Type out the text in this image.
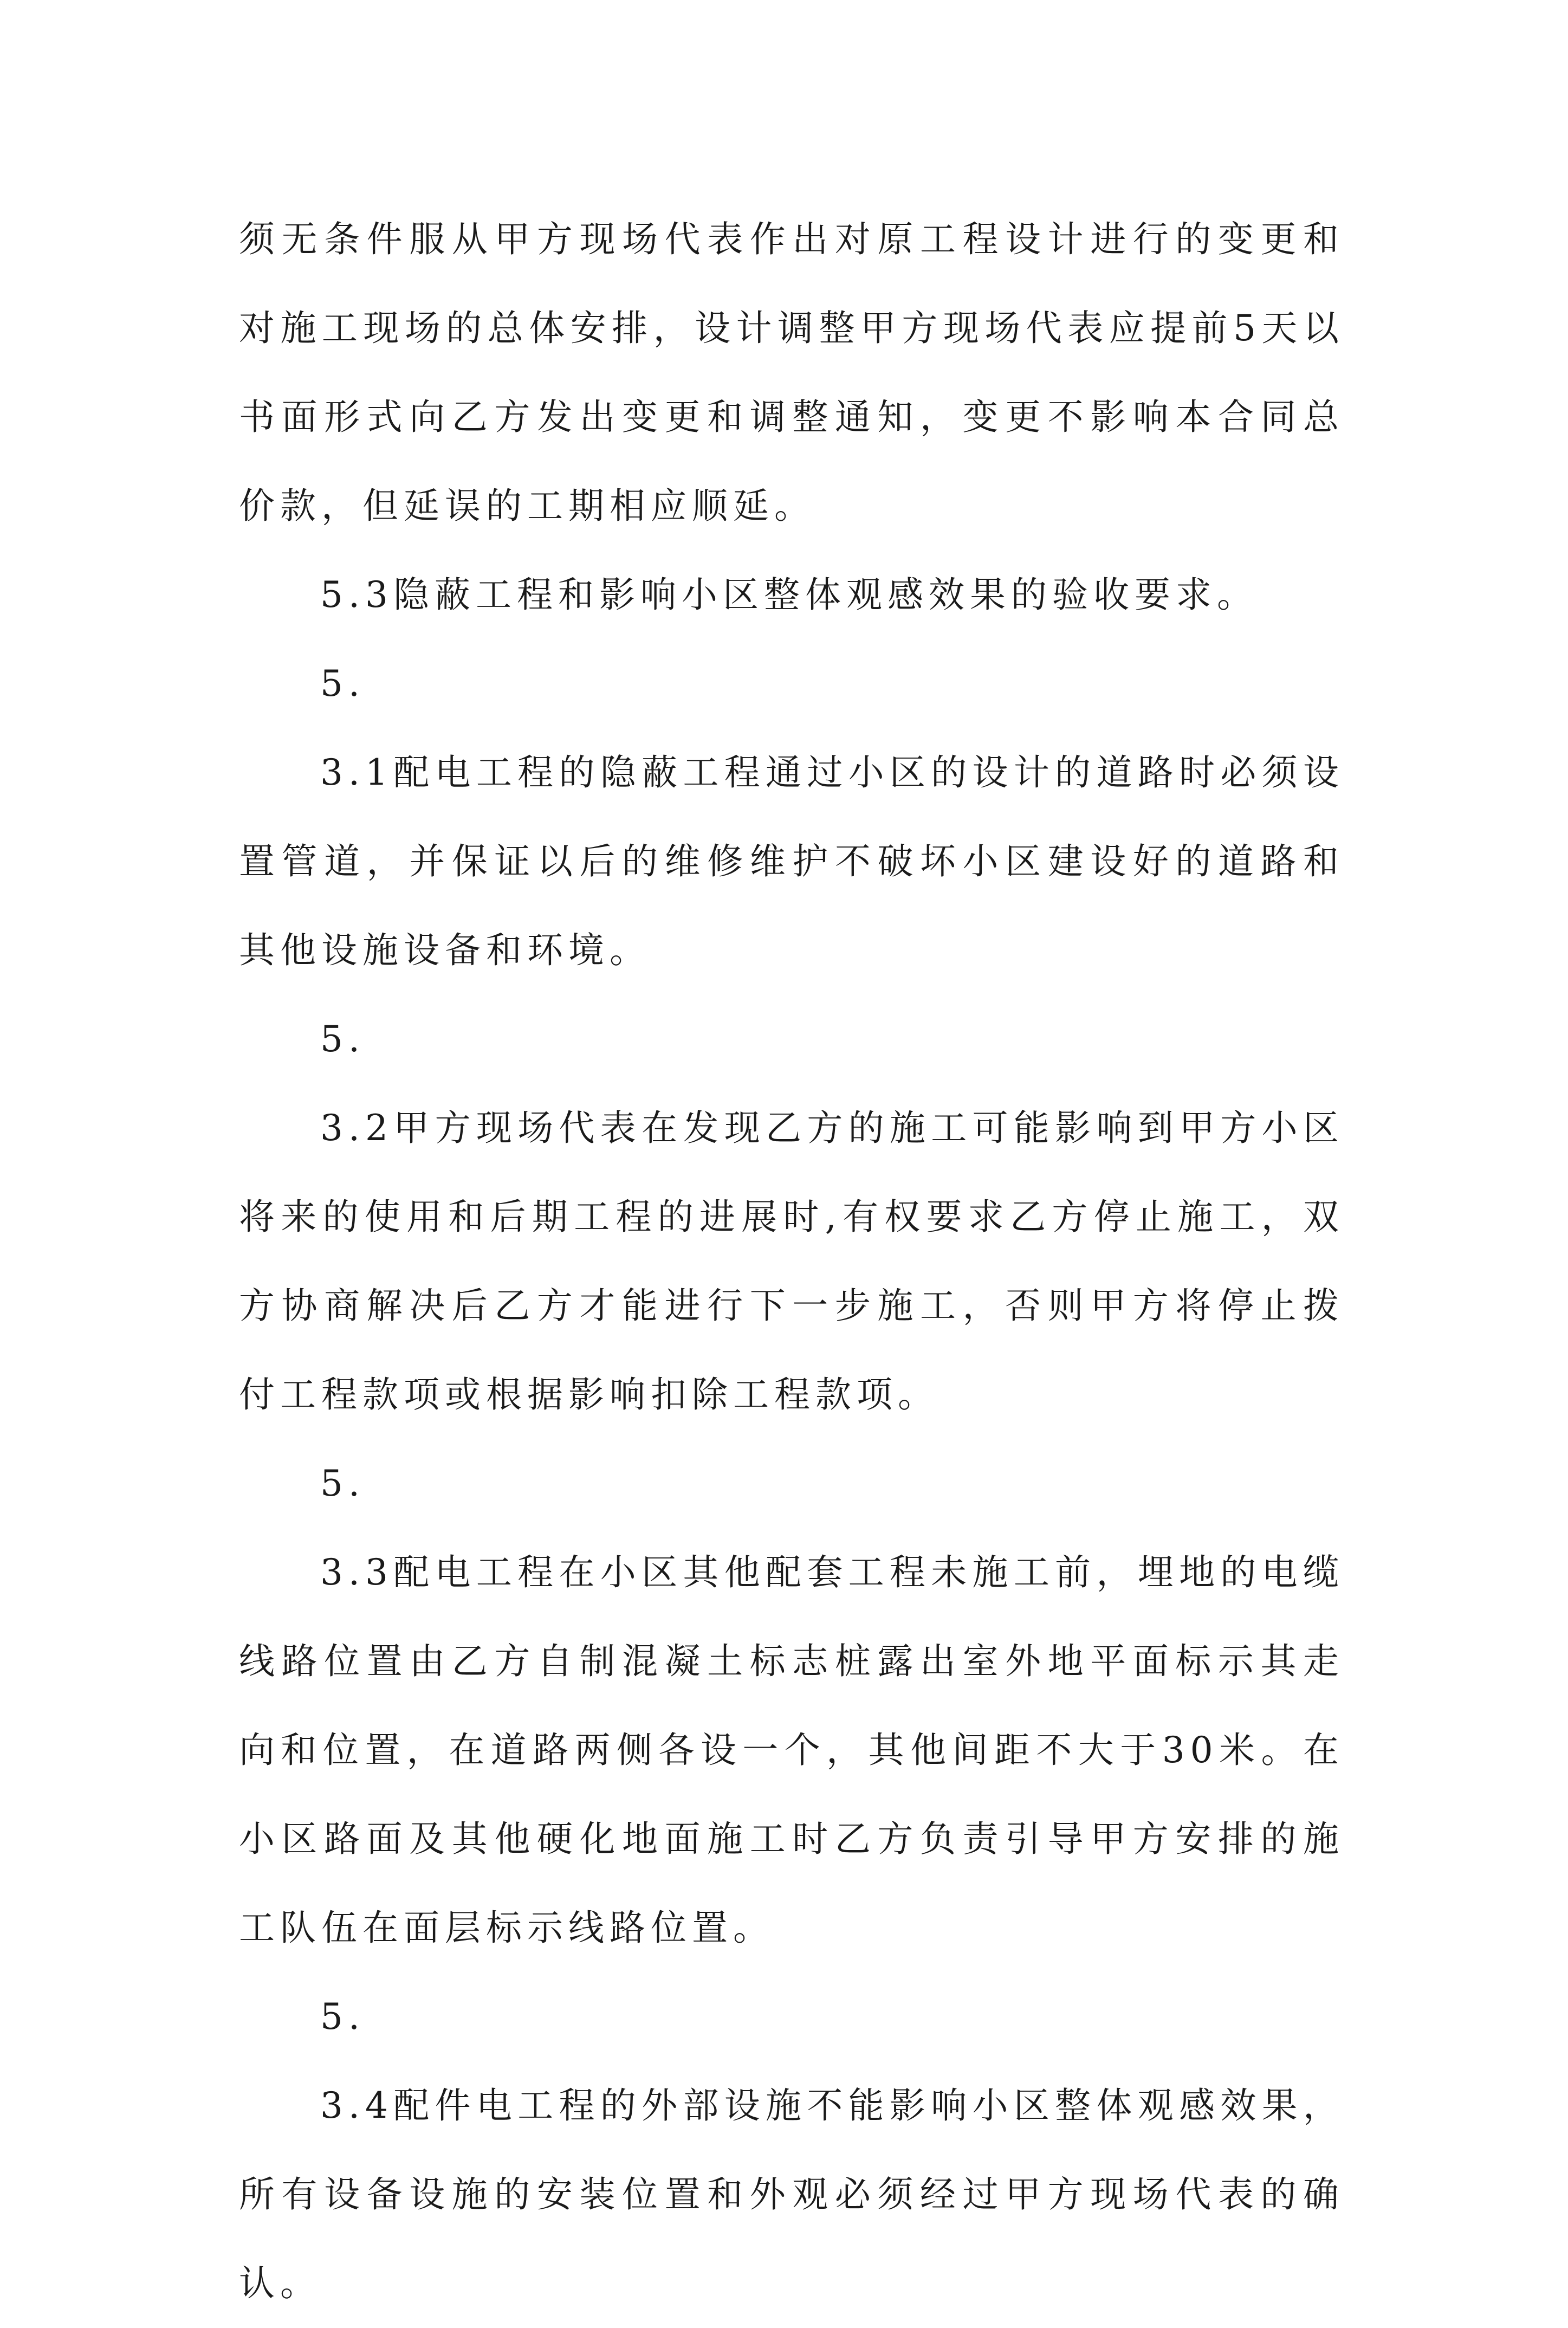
须无条件服从甲方现场代表作出对原工程设计进行的变更和对施工现场的总体安排，设计调整甲方现场代表应提前5天以书面形式向乙方发出变更和调整通知，变更不影响本合同总价款，但延误的工期相应顺延。

5.3隐蔽工程和影响小区整体观感效果的验收要求。

5.

3.1配电工程的隐蔽工程通过小区的设计的道路时必须设置管道，并保证以后的维修维护不破坏小区建设好的道路和其他设施设备和环境。

5.

3.2甲方现场代表在发现乙方的施工可能影响到甲方小区将来的使用和后期工程的进展时,有权要求乙方停止施工，双方协商解决后乙方才能进行下一步施工，否则甲方将停止拨付工程款项或根据影响扣除工程款项。

5.

3.3配电工程在小区其他配套工程未施工前，埋地的电缆线路位置由乙方自制混凝土标志桩露出室外地平面标示其走向和位置，在道路两侧各设一个，其他间距不大于30米。在小区路面及其他硬化地面施工时乙方负责引导甲方安排的施工队伍在面层标示线路位置。

5.

3.4配件电工程的外部设施不能影响小区整体观感效果，所有设备设施的安装位置和外观必须经过甲方现场代表的确认。
